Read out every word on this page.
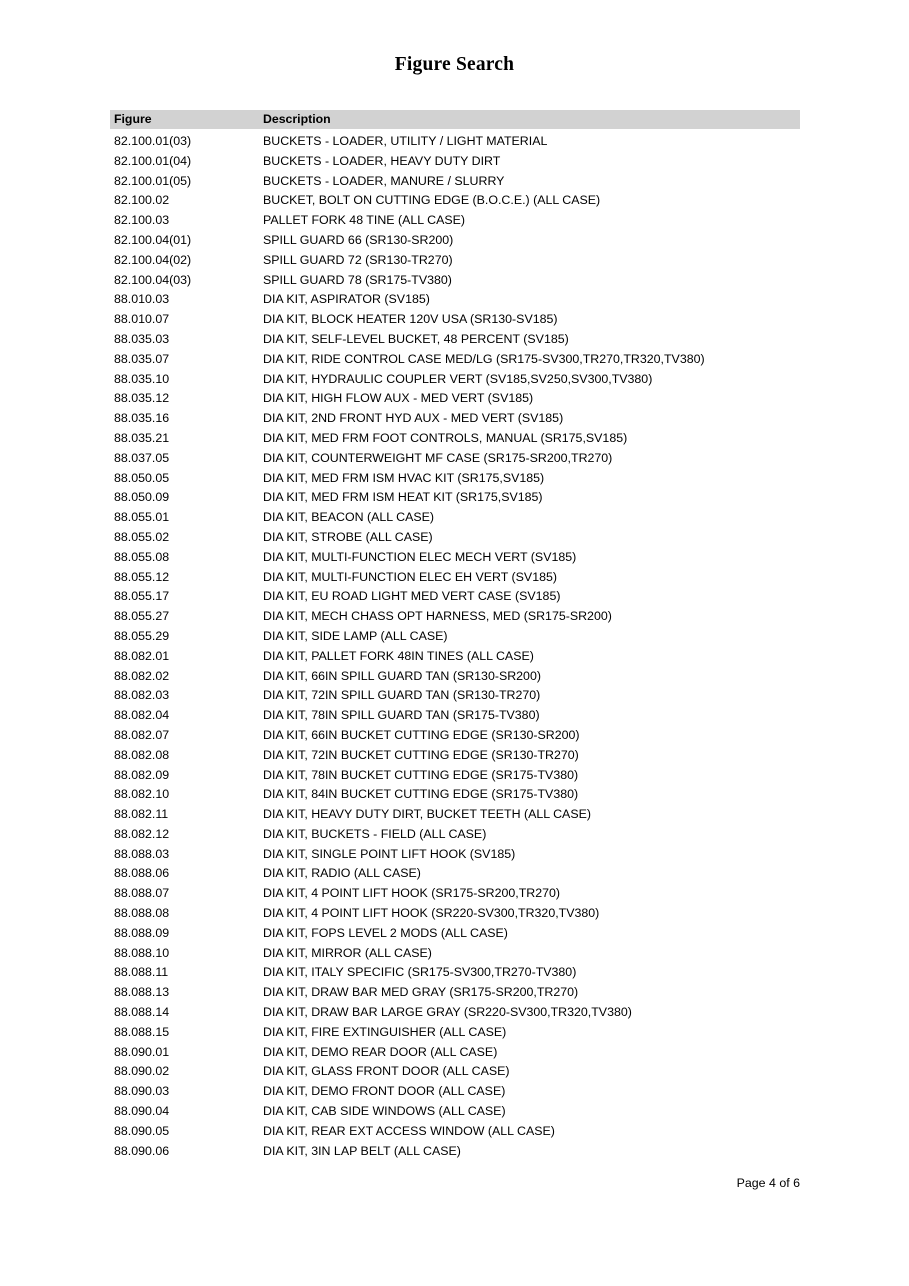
Figure Search
Figure	Description
82.100.01(03)	BUCKETS - LOADER, UTILITY / LIGHT MATERIAL
82.100.01(04)	BUCKETS - LOADER, HEAVY DUTY DIRT
82.100.01(05)	BUCKETS - LOADER, MANURE / SLURRY
82.100.02	BUCKET, BOLT ON CUTTING EDGE (B.O.C.E.) (ALL CASE)
82.100.03	PALLET FORK 48 TINE (ALL CASE)
82.100.04(01)	SPILL GUARD 66 (SR130-SR200)
82.100.04(02)	SPILL GUARD 72 (SR130-TR270)
82.100.04(03)	SPILL GUARD 78 (SR175-TV380)
88.010.03	DIA KIT, ASPIRATOR (SV185)
88.010.07	DIA KIT, BLOCK HEATER 120V USA (SR130-SV185)
88.035.03	DIA KIT, SELF-LEVEL BUCKET, 48 PERCENT (SV185)
88.035.07	DIA KIT, RIDE CONTROL CASE MED/LG (SR175-SV300,TR270,TR320,TV380)
88.035.10	DIA KIT, HYDRAULIC COUPLER VERT (SV185,SV250,SV300,TV380)
88.035.12	DIA KIT, HIGH FLOW AUX - MED VERT (SV185)
88.035.16	DIA KIT, 2ND FRONT HYD AUX - MED VERT (SV185)
88.035.21	DIA KIT, MED FRM FOOT CONTROLS, MANUAL (SR175,SV185)
88.037.05	DIA KIT, COUNTERWEIGHT MF CASE (SR175-SR200,TR270)
88.050.05	DIA KIT, MED FRM ISM HVAC KIT (SR175,SV185)
88.050.09	DIA KIT, MED FRM ISM HEAT KIT (SR175,SV185)
88.055.01	DIA KIT, BEACON (ALL CASE)
88.055.02	DIA KIT, STROBE (ALL CASE)
88.055.08	DIA KIT, MULTI-FUNCTION ELEC MECH VERT (SV185)
88.055.12	DIA KIT, MULTI-FUNCTION ELEC EH VERT (SV185)
88.055.17	DIA KIT, EU ROAD LIGHT MED VERT CASE (SV185)
88.055.27	DIA KIT, MECH CHASS OPT HARNESS, MED (SR175-SR200)
88.055.29	DIA KIT, SIDE LAMP (ALL CASE)
88.082.01	DIA KIT, PALLET FORK 48IN TINES (ALL CASE)
88.082.02	DIA KIT, 66IN SPILL GUARD TAN (SR130-SR200)
88.082.03	DIA KIT, 72IN SPILL GUARD TAN (SR130-TR270)
88.082.04	DIA KIT, 78IN SPILL GUARD TAN (SR175-TV380)
88.082.07	DIA KIT, 66IN BUCKET CUTTING EDGE (SR130-SR200)
88.082.08	DIA KIT, 72IN BUCKET CUTTING EDGE (SR130-TR270)
88.082.09	DIA KIT, 78IN BUCKET CUTTING EDGE (SR175-TV380)
88.082.10	DIA KIT, 84IN BUCKET CUTTING EDGE (SR175-TV380)
88.082.11	DIA KIT, HEAVY DUTY DIRT, BUCKET TEETH (ALL CASE)
88.082.12	DIA KIT, BUCKETS - FIELD (ALL CASE)
88.088.03	DIA KIT, SINGLE POINT LIFT HOOK (SV185)
88.088.06	DIA KIT, RADIO (ALL CASE)
88.088.07	DIA KIT, 4 POINT LIFT HOOK (SR175-SR200,TR270)
88.088.08	DIA KIT, 4 POINT LIFT HOOK (SR220-SV300,TR320,TV380)
88.088.09	DIA KIT, FOPS LEVEL 2 MODS (ALL CASE)
88.088.10	DIA KIT, MIRROR (ALL CASE)
88.088.11	DIA KIT, ITALY SPECIFIC (SR175-SV300,TR270-TV380)
88.088.13	DIA KIT, DRAW BAR MED GRAY (SR175-SR200,TR270)
88.088.14	DIA KIT, DRAW BAR LARGE GRAY (SR220-SV300,TR320,TV380)
88.088.15	DIA KIT, FIRE EXTINGUISHER (ALL CASE)
88.090.01	DIA KIT, DEMO REAR DOOR (ALL CASE)
88.090.02	DIA KIT, GLASS FRONT DOOR (ALL CASE)
88.090.03	DIA KIT, DEMO FRONT DOOR (ALL CASE)
88.090.04	DIA KIT, CAB SIDE WINDOWS (ALL CASE)
88.090.05	DIA KIT, REAR EXT ACCESS WINDOW (ALL CASE)
88.090.06	DIA KIT, 3IN LAP BELT (ALL CASE)
Page 4 of 6
